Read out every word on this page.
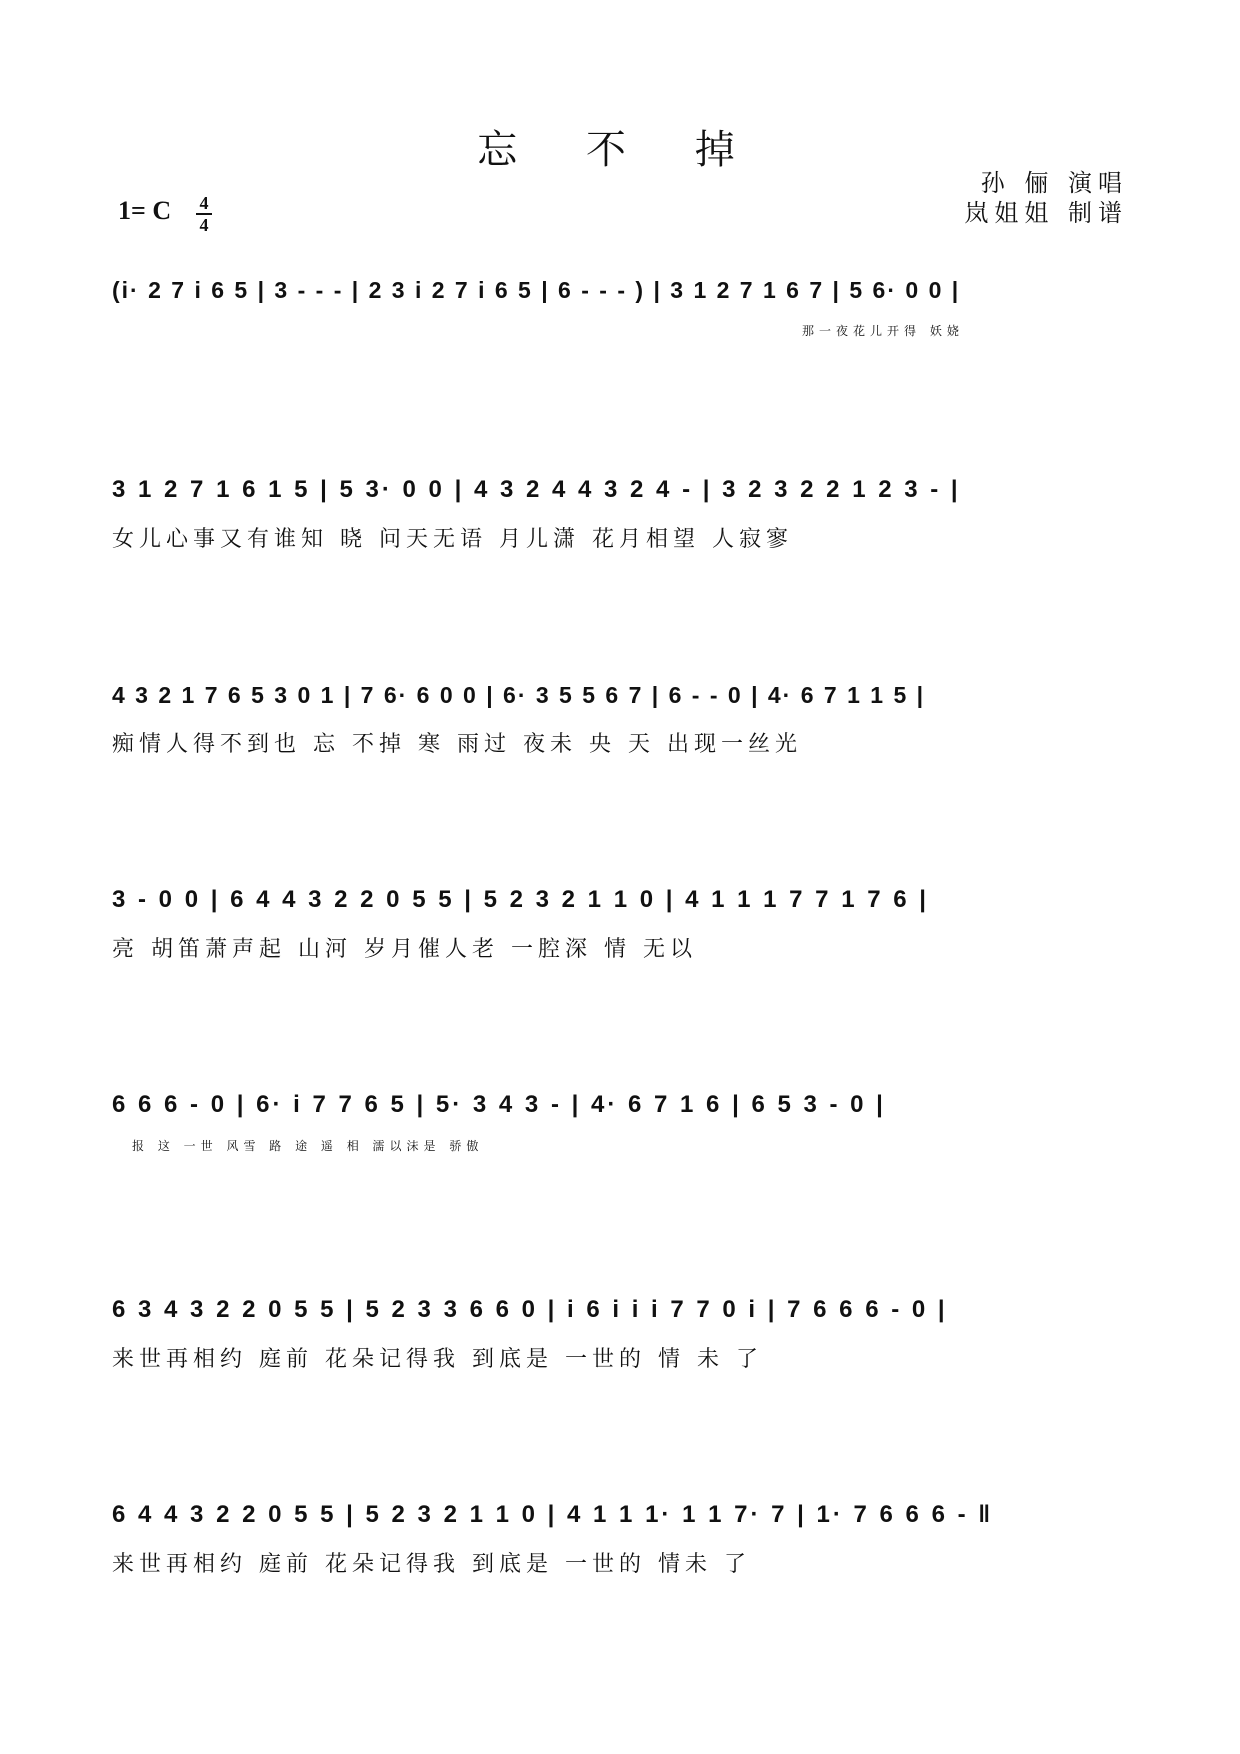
忘 不 掉
1= C 4
4
孙 俪 演唱
岚姐姐 制谱
(i· 2 7 i 6 5 | 3 - - - | 2 3 i 2 7 i 6 5 | 6 - - - ) | 3 1 2 7 1 6 7 | 5 6· 0 0 |
那一夜花儿开得 妖娆
3 1 2 7 1 6 1 5 | 5 3· 0 0 | 4 3 2 4 4 3 2 4 - | 3 2 3 2 2 1 2 3 - |
女儿心事又有谁知 晓 问天无语 月儿潇 花月相望 人寂寥
4 3 2 1 7 6 5 3 0 1 | 7 6· 6 0 0 | 6· 3 5 5 6 7 | 6 - - 0 | 4· 6 7 1 1 5 |
痴情人得不到也 忘 不掉 寒 雨过 夜未 央 天 出现一丝光
3 - 0 0 | 6 4 4 3 2 2 0 5 5 | 5 2 3 2 1 1 0 | 4 1 1 1 7 7 1 7 6 |
亮 胡笛萧声起 山河 岁月催人老 一腔深 情 无以
6 6 6 - 0 | 6· i 7 7 6 5 | 5· 3 4 3 - | 4· 6 7 1 6 | 6 5 3 - 0 |
报 这 一世 风雪 路 途 遥 相 濡以沫是 骄傲
6 3 4 3 2 2 0 5 5 | 5 2 3 3 6 6 0 | i 6 i i i 7 7 0 i | 7 6 6 6 - 0 |
来世再相约 庭前 花朵记得我 到底是 一世的 情 未 了
6 4 4 3 2 2 0 5 5 | 5 2 3 2 1 1 0 | 4 1 1 1· 1 1 7· 7 | 1· 7 6 6 6 - ‖
来世再相约 庭前 花朵记得我 到底是 一世的 情未 了
